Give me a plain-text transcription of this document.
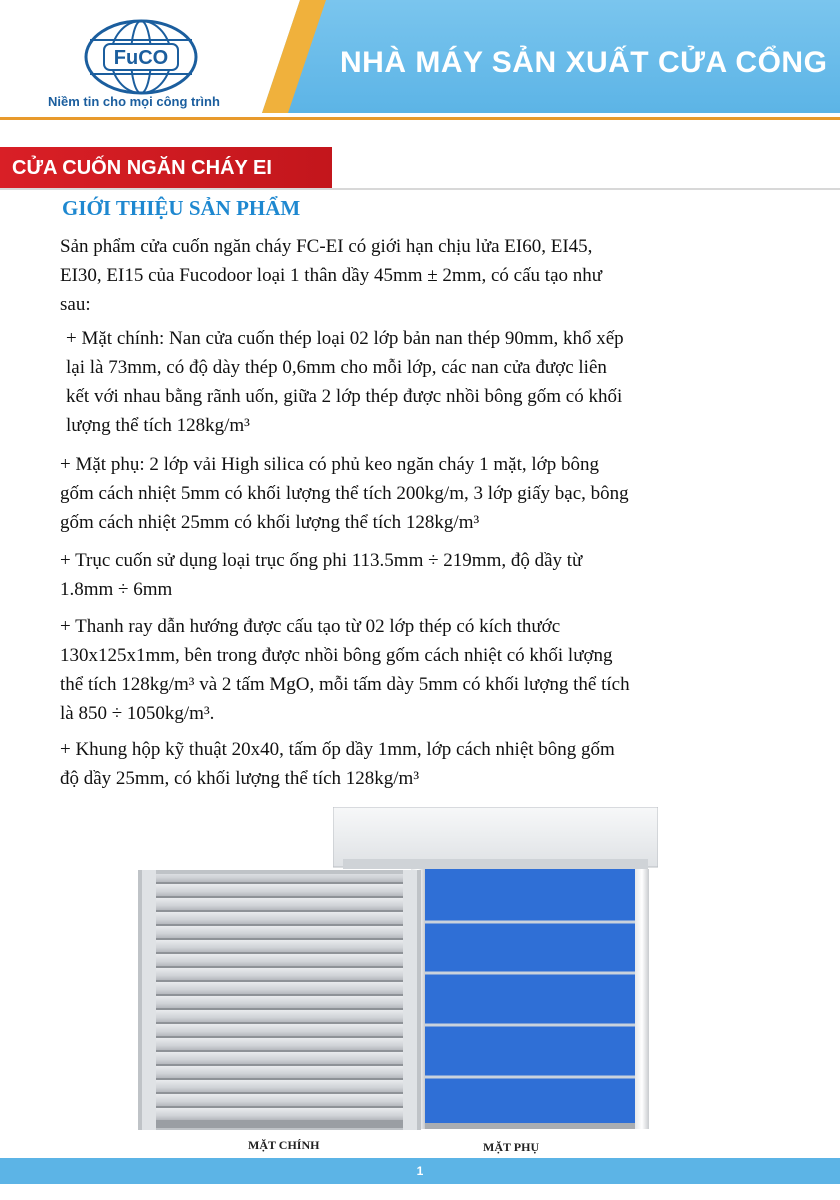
NHÀ MÁY SẢN XUẤT CỬA CỔNG
FuCO
Niềm tin cho mọi công trình
CỬA CUỐN NGĂN CHÁY EI
GIỚI THIỆU SẢN PHẨM
Sản phẩm cửa cuốn ngăn cháy FC-EI có giới hạn chịu lửa EI60, EI45,
EI30, EI15 của Fucodoor loại 1 thân dầy 45mm ± 2mm, có cấu tạo như
sau:
+ Mặt chính: Nan cửa cuốn thép loại 02 lớp bản nan thép 90mm, khổ xếp
lại là 73mm, có độ dày thép 0,6mm cho mỗi lớp, các nan cửa được liên
kết với nhau bằng rãnh uốn, giữa 2 lớp thép được nhồi bông gốm có khối
lượng thể tích 128kg/m³
+ Mặt phụ: 2 lớp vải High silica có phủ keo ngăn cháy 1 mặt, lớp bông
gốm cách nhiệt 5mm có khối lượng thể tích 200kg/m, 3 lớp giấy bạc, bông
gốm cách nhiệt 25mm có khối lượng thể tích 128kg/m³
+ Trục cuốn sử dụng loại trục ống phi 113.5mm ÷ 219mm, độ dầy từ
1.8mm ÷ 6mm
+ Thanh ray dẫn hướng được cấu tạo từ 02 lớp thép có kích thước
130x125x1mm, bên trong được nhồi bông gốm cách nhiệt có khối lượng
thể tích 128kg/m³ và 2 tấm MgO, mỗi tấm dày 5mm có khối lượng thể tích
là 850 ÷ 1050kg/m³.
+ Khung hộp kỹ thuật 20x40, tấm ốp dầy 1mm, lớp cách nhiệt bông gốm
độ dầy 25mm, có khối lượng thể tích 128kg/m³
MẶT CHÍNH	MẶT PHỤ
1
